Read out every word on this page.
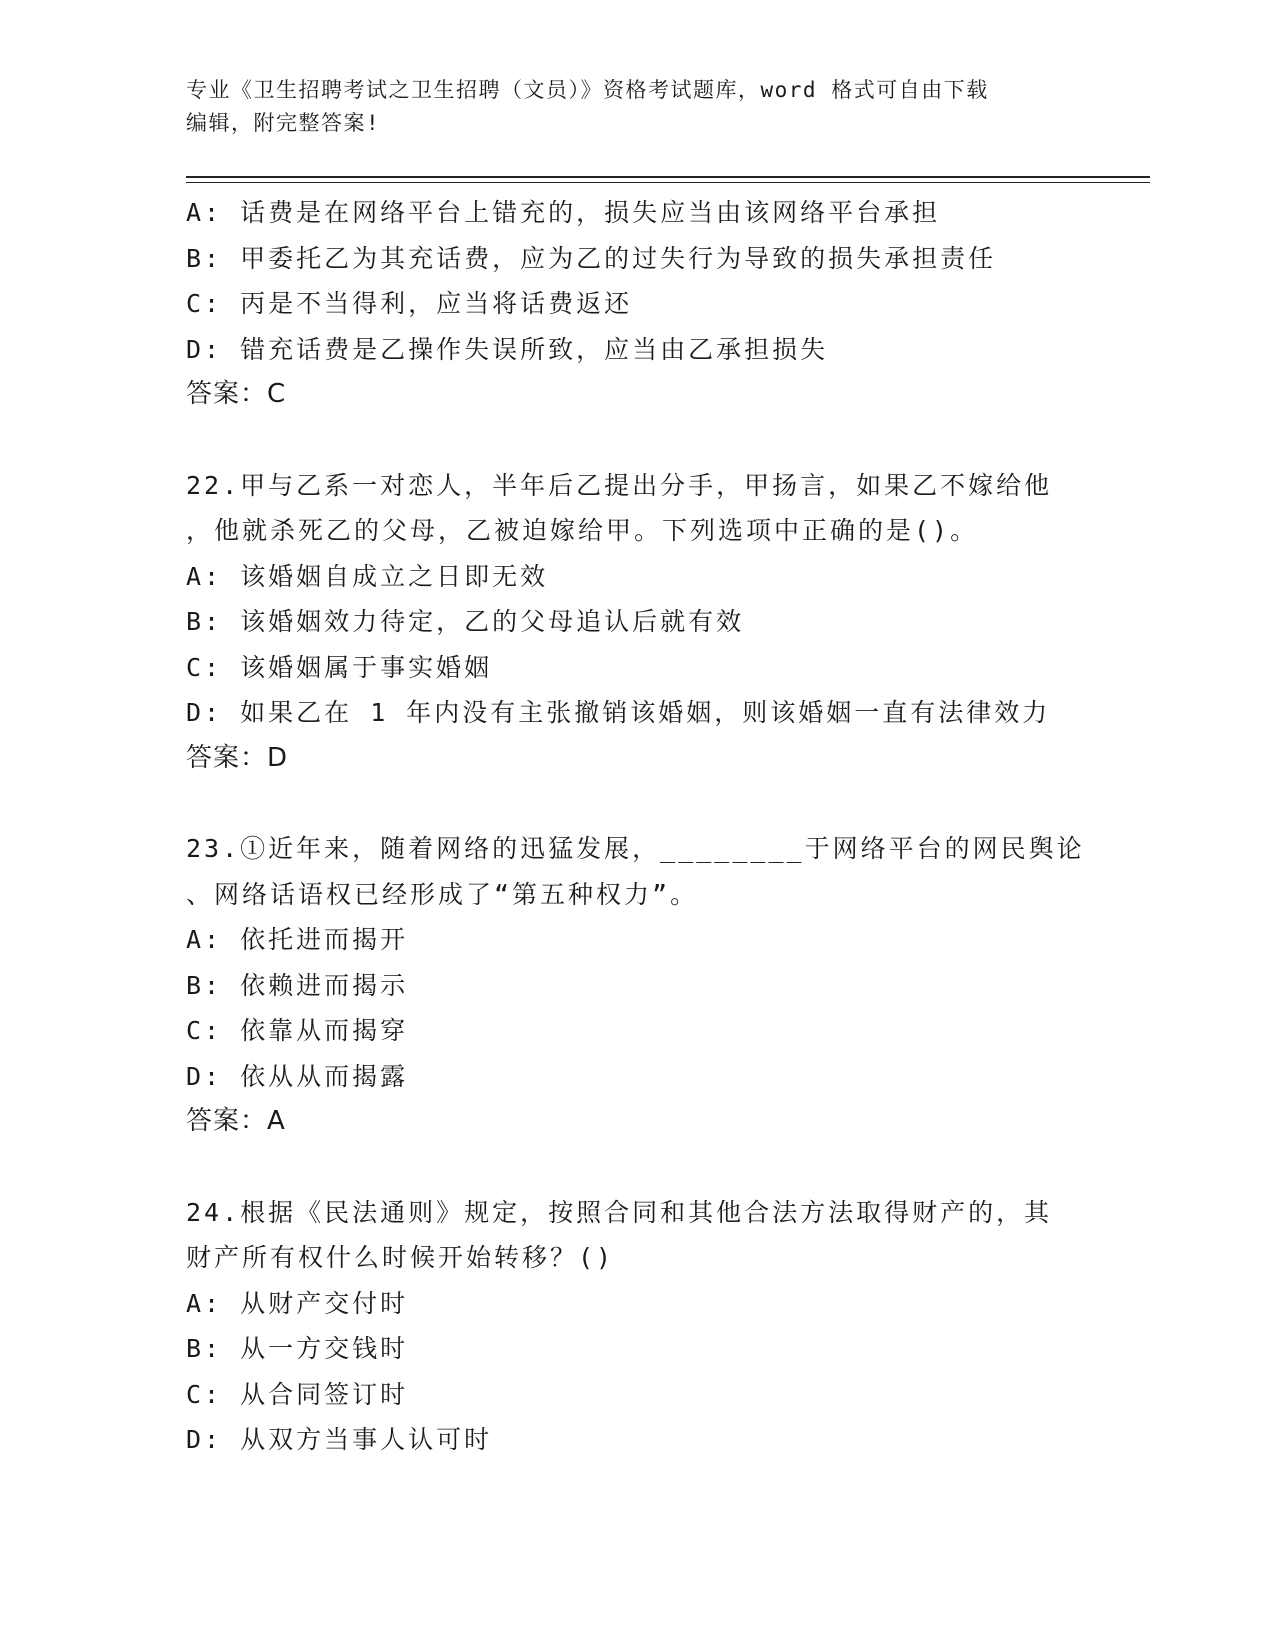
专业《卫生招聘考试之卫生招聘（文员）》资格考试题库，word 格式可自由下载
编辑，附完整答案!
A: 话费是在网络平台上错充的，损失应当由该网络平台承担
B: 甲委托乙为其充话费，应为乙的过失行为导致的损失承担责任
C: 丙是不当得利，应当将话费返还
D: 错充话费是乙操作失误所致，应当由乙承担损失
答案：C
22.甲与乙系一对恋人，半年后乙提出分手，甲扬言，如果乙不嫁给他
，他就杀死乙的父母，乙被迫嫁给甲。下列选项中正确的是()。
A: 该婚姻自成立之日即无效
B: 该婚姻效力待定，乙的父母追认后就有效
C: 该婚姻属于事实婚姻
D: 如果乙在 1 年内没有主张撤销该婚姻，则该婚姻一直有法律效力
答案：D
23.①近年来，随着网络的迅猛发展，________于网络平台的网民舆论
、网络话语权已经形成了“第五种权力”。
A: 依托进而揭开
B: 依赖进而揭示
C: 依靠从而揭穿
D: 依从从而揭露
答案：A
24.根据《民法通则》规定，按照合同和其他合法方法取得财产的，其
财产所有权什么时候开始转移？()
A: 从财产交付时
B: 从一方交钱时
C: 从合同签订时
D: 从双方当事人认可时
